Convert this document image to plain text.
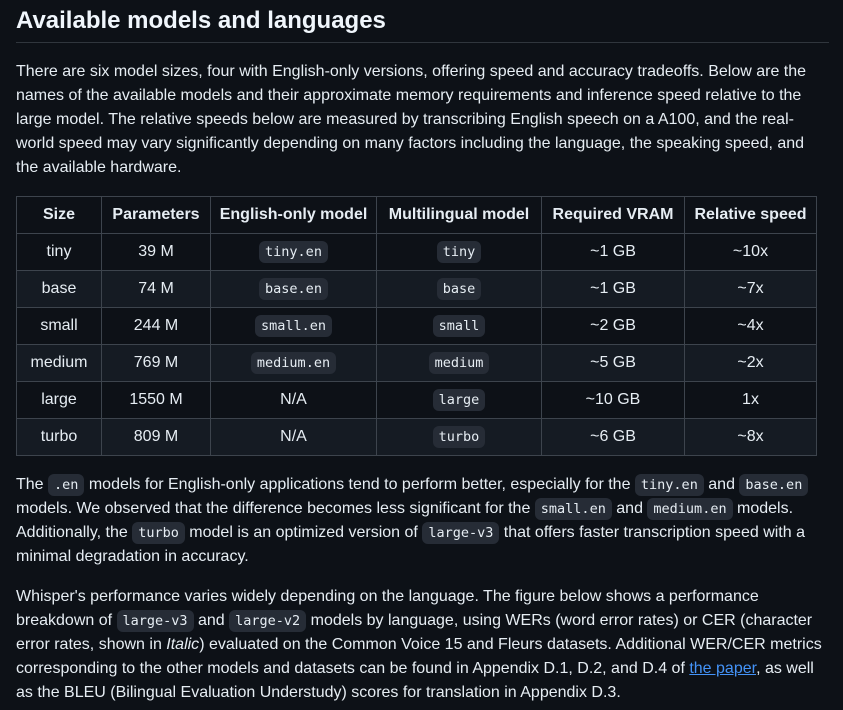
Available models and languages

There are six model sizes, four with English-only versions, offering speed and accuracy tradeoffs. Below are the names of the available models and their approximate memory requirements and inference speed relative to the large model. The relative speeds below are measured by transcribing English speech on a A100, and the real-world speed may vary significantly depending on many factors including the language, the speaking speed, and the available hardware.

Size	Parameters	English-only model	Multilingual model	Required VRAM	Relative speed
tiny	39 M	tiny.en	tiny	~1 GB	~10x
base	74 M	base.en	base	~1 GB	~7x
small	244 M	small.en	small	~2 GB	~4x
medium	769 M	medium.en	medium	~5 GB	~2x
large	1550 M	N/A	large	~10 GB	1x
turbo	809 M	N/A	turbo	~6 GB	~8x

The .en models for English-only applications tend to perform better, especially for the tiny.en and base.en models. We observed that the difference becomes less significant for the small.en and medium.en models. Additionally, the turbo model is an optimized version of large-v3 that offers faster transcription speed with a minimal degradation in accuracy.

Whisper's performance varies widely depending on the language. The figure below shows a performance breakdown of large-v3 and large-v2 models by language, using WERs (word error rates) or CER (character error rates, shown in Italic) evaluated on the Common Voice 15 and Fleurs datasets. Additional WER/CER metrics corresponding to the other models and datasets can be found in Appendix D.1, D.2, and D.4 of the paper, as well as the BLEU (Bilingual Evaluation Understudy) scores for translation in Appendix D.3.
